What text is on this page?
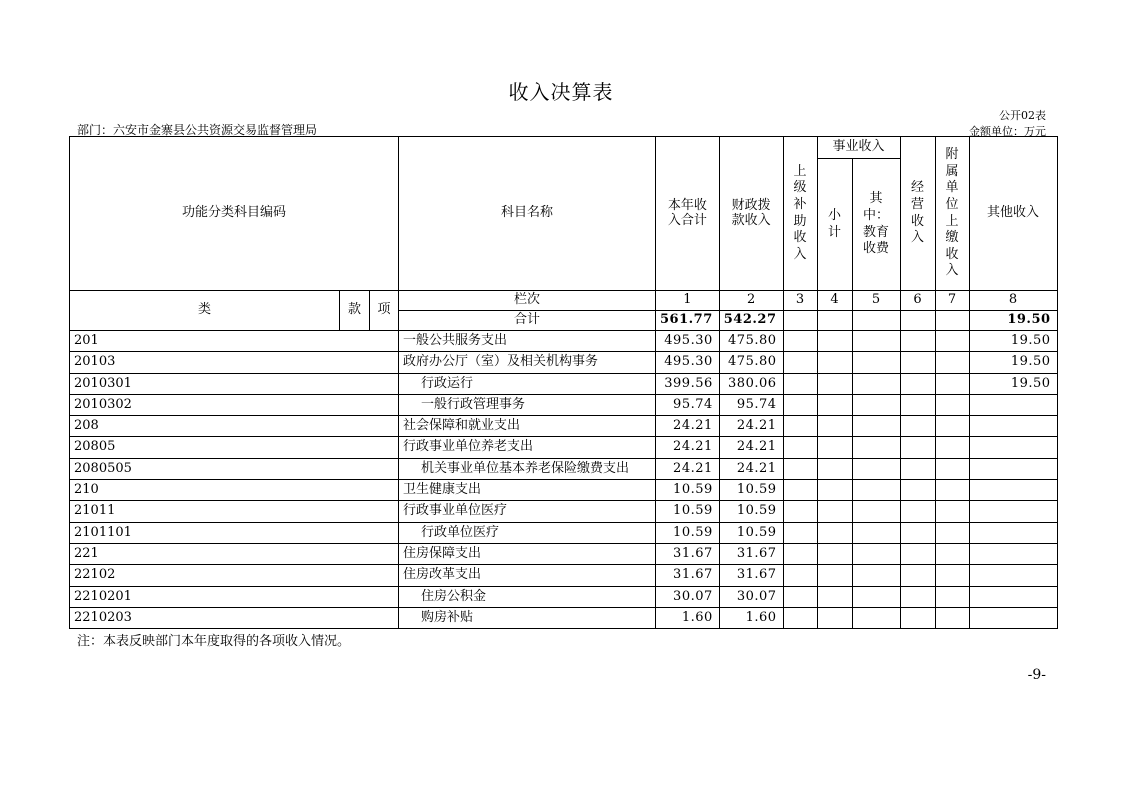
收入决算表
公开02表
部门：六安市金寨县公共资源交易监督管理局	金额单位：万元
功能分类科目编码			科目名称	本年收入合计	财政拨款收入	上级补助收入	事业收入		经营收入	附属单位上缴收入	其他收入
							小计	其中：教育收费			
类	款	项	栏次	1	2	3	4	5	6	7	8
			合计	561.77	542.27						19.50
201			一般公共服务支出	495.30	475.80						19.50
20103			政府办公厅（室）及相关机构事务	495.30	475.80						19.50
2010301			行政运行	399.56	380.06						19.50
2010302			一般行政管理事务	95.74	95.74						
208			社会保障和就业支出	24.21	24.21						
20805			行政事业单位养老支出	24.21	24.21						
2080505			机关事业单位基本养老保险缴费支出	24.21	24.21						
210			卫生健康支出	10.59	10.59						
21011			行政事业单位医疗	10.59	10.59						
2101101			行政单位医疗	10.59	10.59						
221			住房保障支出	31.67	31.67						
22102			住房改革支出	31.67	31.67						
2210201			住房公积金	30.07	30.07						
2210203			购房补贴	1.60	1.60						
注：本表反映部门本年度取得的各项收入情况。
-9-
